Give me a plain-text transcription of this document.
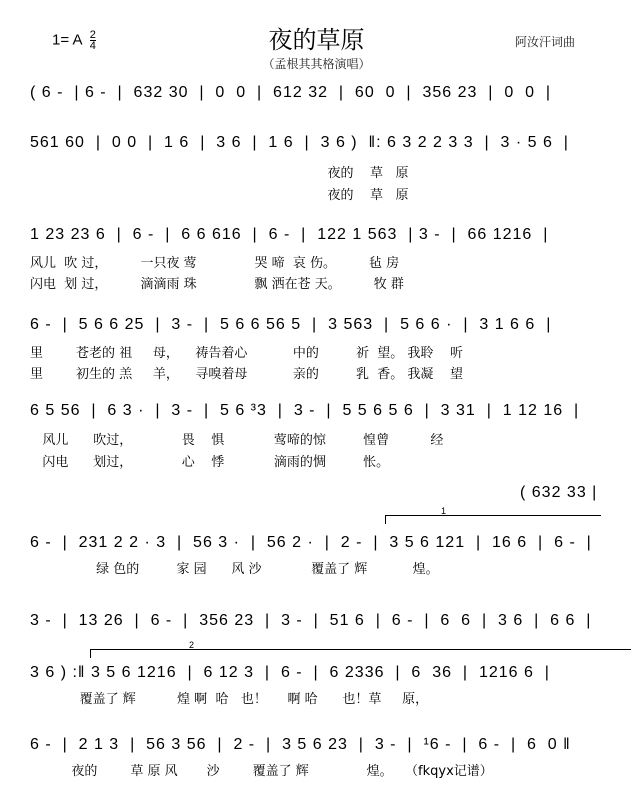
1= A $\frac{2}{4}$	夜的草原
（孟根其其格演唱）
阿汝汗词曲
( 6 -  | 6 -  |  632 30  |  0  0  |  612 32  |  60  0  |  356 23  |  0  0  |
561 60  |  0 0  |  1 6  |  3 6  |  1 6  |  3 6 )  ‖: 6 3 2 2 3 3  |  3 · 5 6  |
夜的    草   原
夜的    草   原
1 23 23 6  |  6 -  |  6 6 616  |  6 -  |  122 1 563  | 3 -  |  66 1216  |
风儿  吹 过，        一只夜 莺              哭 啼  哀 伤。        毡 房
闪电  划 过，        滴滴雨 珠              飘 洒在苍 天。        牧 群
6 -  |  5 6 6 25  |  3 -  |  5 6 6 56 5  |  3 563  |  5 6 6 ·  |  3 1 6 6  |
里        苍老的 祖     母，    祷告着心           中的         祈  望。 我聆    听
里        初生的 羔     羊，    寻嗅着母           亲的         乳  香。 我凝    望
6 5 56  |  6 3 ·  |  3 -  |  5 6 ³3  |  3 -  |  5 5 6 5 6  |  3 31  |  1 12 16  |
风儿      吹过，            畏    惧            莺啼的惊         惶曾          经
闪电      划过，            心    悸            滴雨的惆         怅。
( 632 33 |
1
6 -  |  231 2 2 · 3  |  56 3 ·  |  56 2 ·  |  2 -  |  3 5 6 121  |  16 6  |  6 -  |
绿 色的         家 园      风 沙            覆盖了 辉           煌。
3 -  |  13 26  |  6 -  |  356 23  |  3 -  |  51 6  |  6 -  |  6  6  |  3 6  |  6 6  |
2
3 6 ) :‖ 3 5 6 1216  |  6 12 3  |  6 -  |  6 2336  |  6  36  |  1216 6  |
覆盖了 辉          煌 啊  哈   也！     啊 哈      也！草     原，
6 -  |  2 1 3  |  56 3 56  |  2 -  |  3 5 6 23  |  3 -  |  ¹6 -  |  6 -  |  6  0 ‖
夜的        草 原 风       沙        覆盖了 辉              煌。   （fkqyx记谱）
